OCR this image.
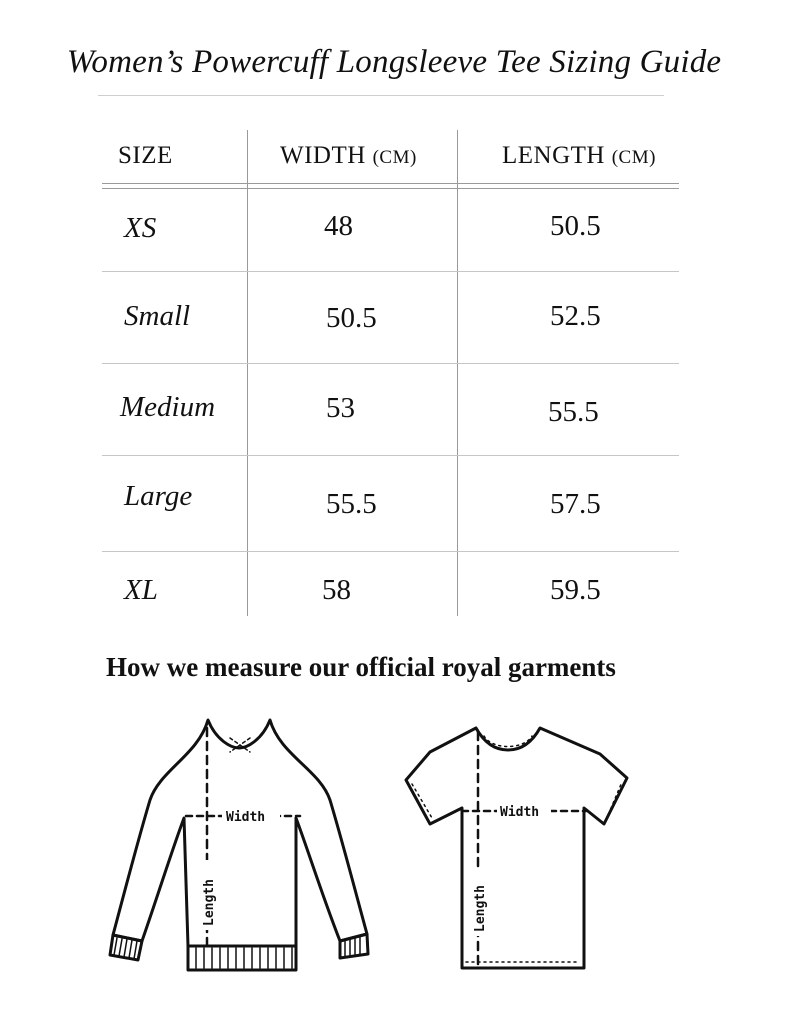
Women’s Powercuff Longsleeve Tee Sizing Guide
SIZE	WIDTH (CM)	LENGTH (CM)
XS	48	50.5
Small	50.5	52.5
Medium	53	55.5
Large	55.5	57.5
XL	58	59.5
How we measure our official royal garments
Width
Length
Width
Length
